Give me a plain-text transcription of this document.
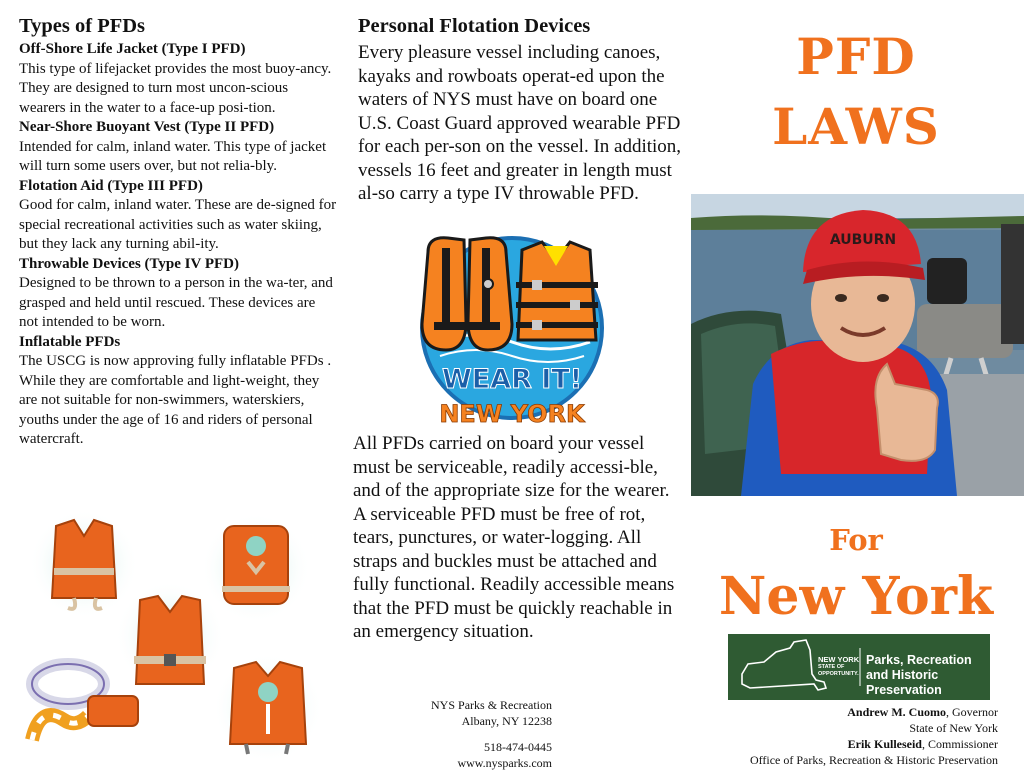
Types of PFDs

Off-Shore Life Jacket (Type I PFD)

This type of lifejacket provides the most buoy-ancy. They are designed to turn most uncon-scious wearers in the water to a face-up posi-tion.

Near-Shore Buoyant Vest (Type II PFD)

Intended for calm, inland water. This type of jacket will turn some users over, but not relia-bly.

Flotation Aid (Type III PFD)

Good for calm, inland water. These are de-signed for special recreational activities such as water skiing, but they lack any turning abil-ity.

Throwable Devices (Type IV PFD)

Designed to be thrown to a person in the wa-ter, and grasped and held until rescued. These devices are not intended to be worn.

Inflatable PFDs

The USCG is now approving fully inflatable PFDs . While they are comfortable and light-weight, they are not suitable for non-swimmers, waterskiers, youths under the age of 16 and riders of personal watercraft.

Personal Flotation Devices

Every pleasure vessel including canoes, kayaks and rowboats operat-ed upon the waters of NYS must have on board one U.S. Coast Guard approved wearable PFD for each per-son on the vessel. In addition, vessels 16 feet and greater in length must al-so carry a type IV throwable PFD.

WEAR IT!
NEW YORK

All PFDs carried on board your vessel must be serviceable, readily accessi-ble, and of the appropriate size for the wearer. A serviceable PFD must be free of rot, tears, punctures, or water-logging. All straps and buckles must be attached and fully functional. Readily accessible means that the PFD must be quickly reachable in an emergency situation.

NYS Parks & Recreation
Albany, NY 12238
518-474-0445
www.nysparks.com
PFD
LAWS
AUBURN
For
New York
NEW YORK
STATE OF
OPPORTUNITY.
Parks, Recreation
and Historic Preservation
Andrew M. Cuomo, Governor
State of New York
Erik Kulleseid, Commissioner
Office of Parks, Recreation & Historic Preservation
